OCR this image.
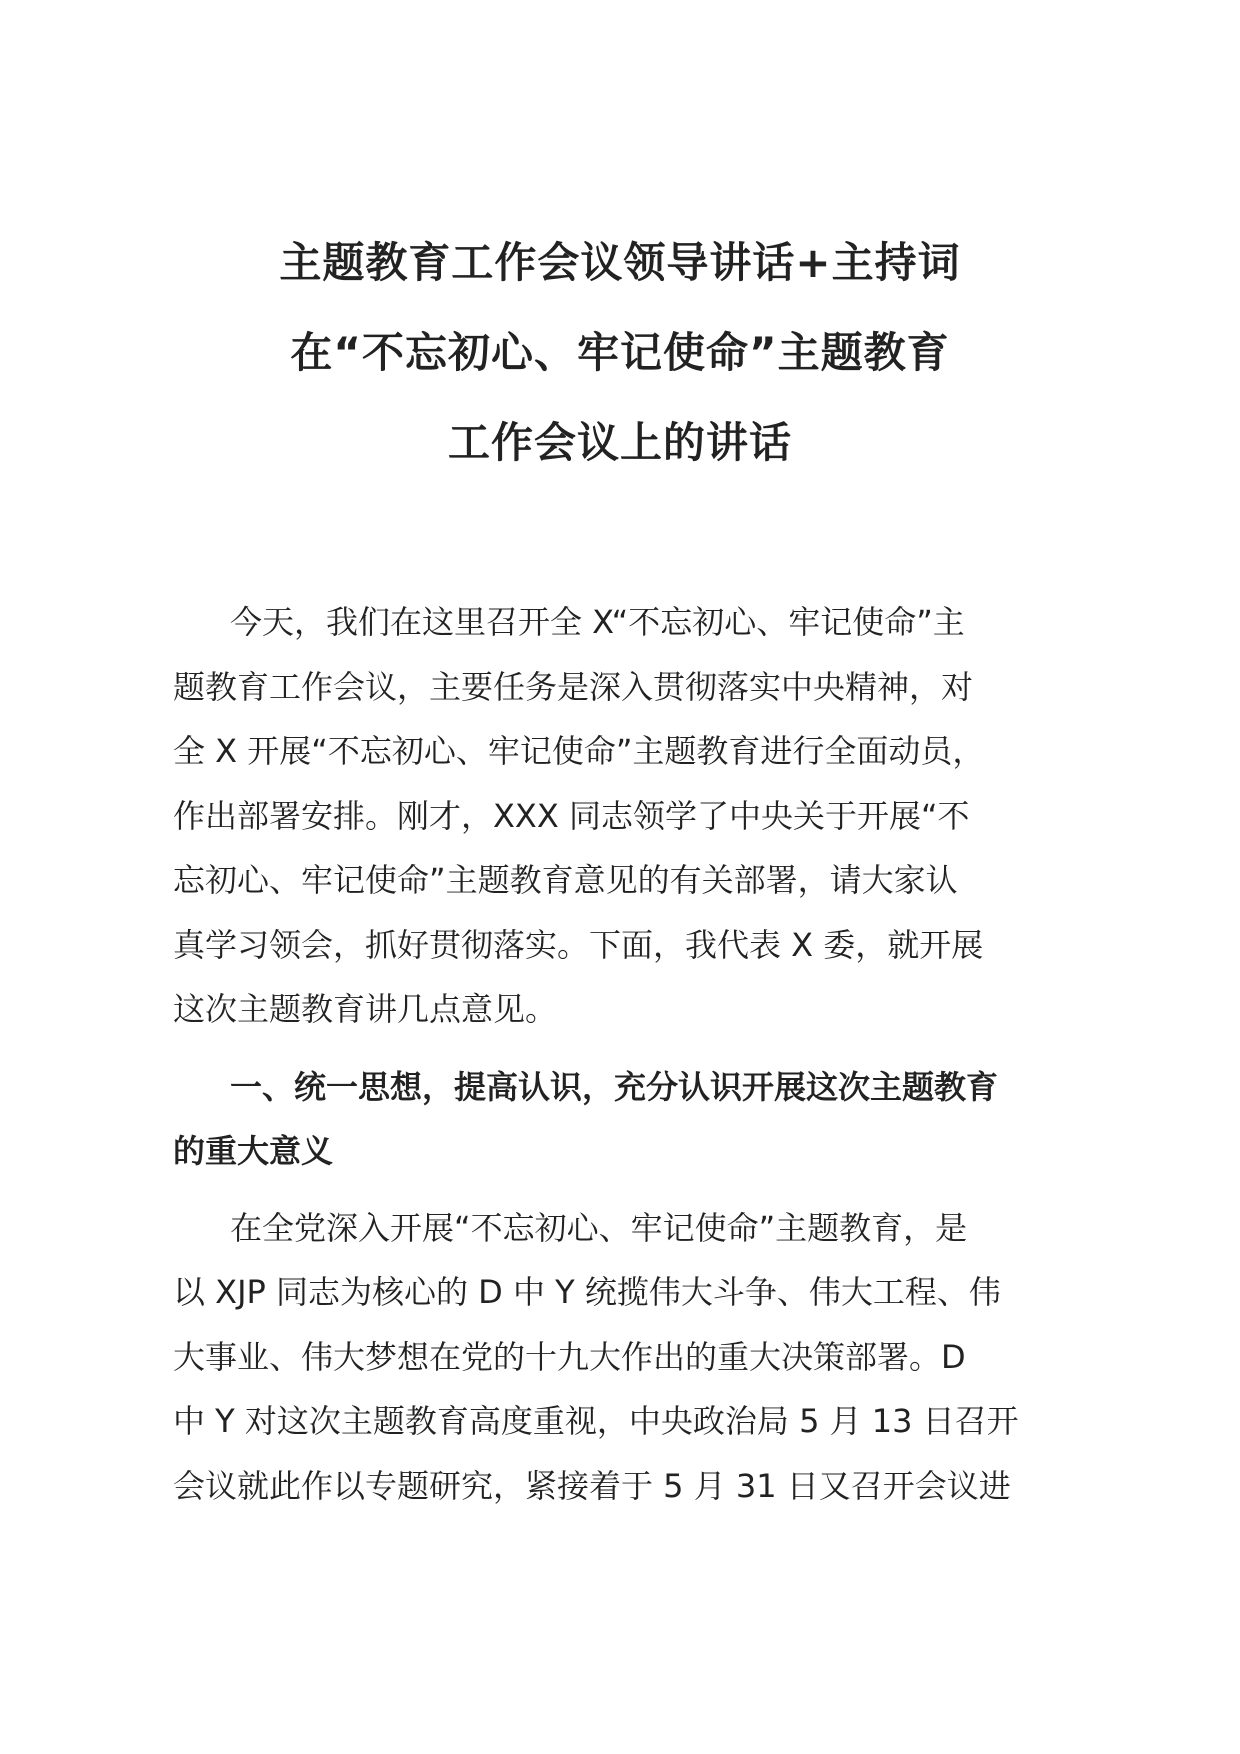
主题教育工作会议领导讲话+主持词
在“不忘初心、牢记使命”主题教育
工作会议上的讲话
今天，我们在这里召开全 X“不忘初心、牢记使命”主
题教育工作会议，主要任务是深入贯彻落实中央精神，对
全 X 开展“不忘初心、牢记使命”主题教育进行全面动员，
作出部署安排。刚才，XXX 同志领学了中央关于开展“不
忘初心、牢记使命”主题教育意见的有关部署，请大家认
真学习领会，抓好贯彻落实。下面，我代表 X 委，就开展
这次主题教育讲几点意见。
一、统一思想，提高认识，充分认识开展这次主题教育
的重大意义
在全党深入开展“不忘初心、牢记使命”主题教育，是
以 XJP 同志为核心的 D 中 Y 统揽伟大斗争、伟大工程、伟
大事业、伟大梦想在党的十九大作出的重大决策部署。D
中 Y 对这次主题教育高度重视，中央政治局 5 月 13 日召开
会议就此作以专题研究，紧接着于 5 月 31 日又召开会议进
